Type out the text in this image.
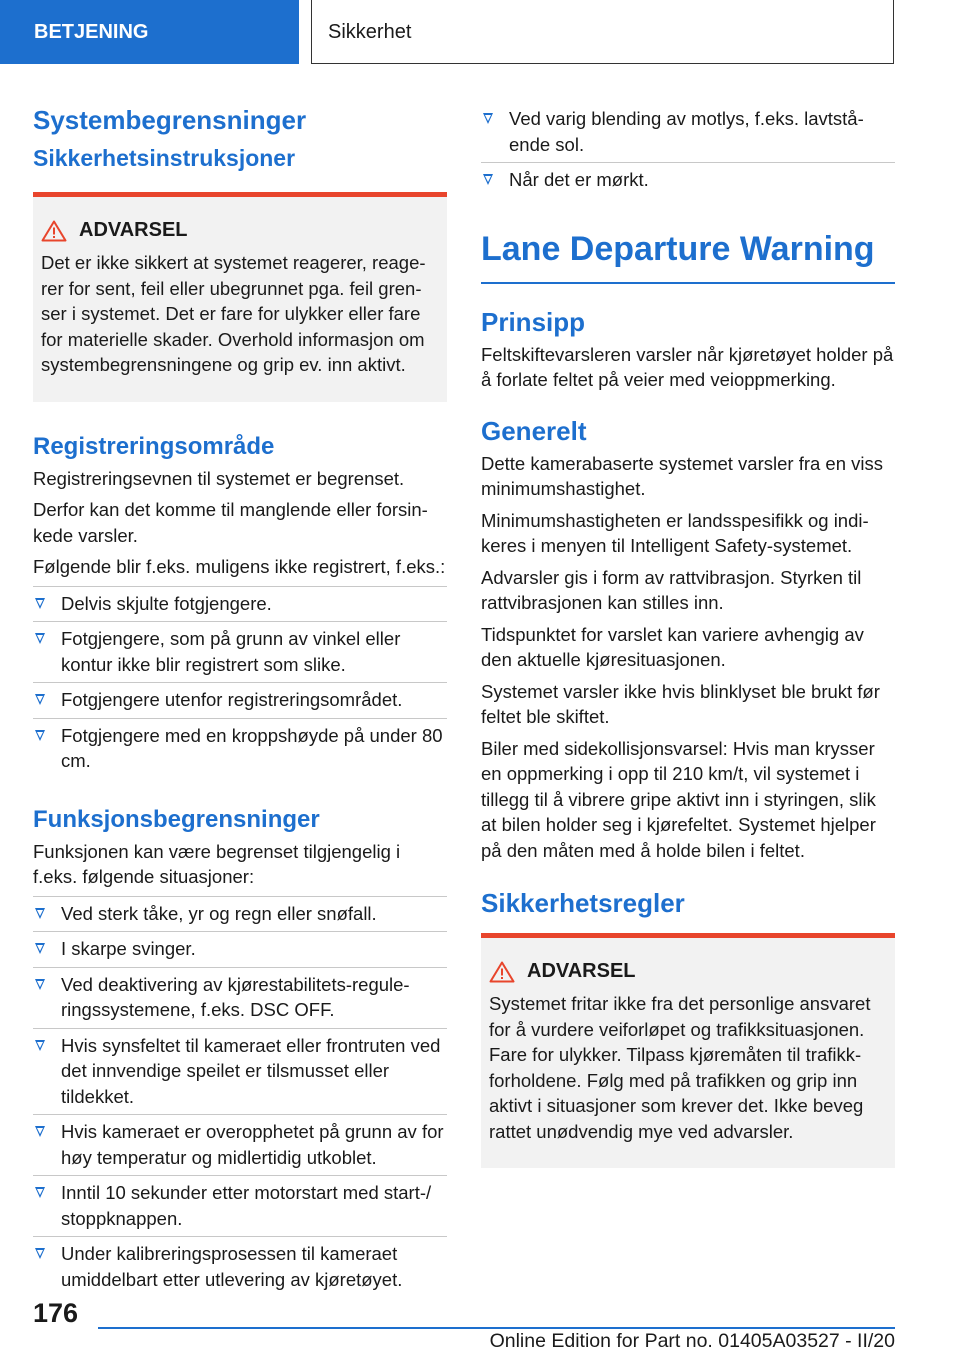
BETJENING	Sikkerhet
Systembegrensninger
Sikkerhetsinstruksjoner
ADVARSEL

Det er ikke sikkert at systemet reagerer, reagerer for sent, feil eller ubegrunnet pga. feil grenser i systemet. Det er fare for ulykker eller fare for materielle skader. Overhold informasjon om systembegrensningene og grip ev. inn aktivt.

Registreringsområde

Registreringsevnen til systemet er begrenset.

Derfor kan det komme til manglende eller forsinkede varsler.

Følgende blir f.eks. muligens ikke registrert, f.eks.:

Delvis skjulte fotgjengere.
Fotgjengere, som på grunn av vinkel eller kontur ikke blir registrert som slike.
Fotgjengere utenfor registreringsområdet.
Fotgjengere med en kroppshøyde på under 80 cm.
Funksjonsbegrensninger

Funksjonen kan være begrenset tilgjengelig i f.eks. følgende situasjoner:

Ved sterk tåke, yr og regn eller snøfall.
I skarpe svinger.
Ved deaktivering av kjørestabilitets-reguleringssystemene, f.eks. DSC OFF.
Hvis synsfeltet til kameraet eller frontruten ved det innvendige speilet er tilsmusset eller tildekket.
Hvis kameraet er overopphetet på grunn av for høy temperatur og midlertidig utkoblet.
Inntil 10 sekunder etter motorstart med start-/ stoppknappen.
Under kalibreringsprosessen til kameraet umiddelbart etter utlevering av kjøretøyet.
Ved varig blending av motlys, f.eks. lavtstående sol.
Når det er mørkt.
Lane Departure Warning
Prinsipp

Feltskiftevarsleren varsler når kjøretøyet holder på å forlate feltet på veier med veioppmerking.

Generelt

Dette kamerabaserte systemet varsler fra en viss minimumshastighet.

Minimumshastigheten er landsspesifikk og indikeres i menyen til Intelligent Safety-systemet.

Advarsler gis i form av rattvibrasjon. Styrken til rattvibrasjonen kan stilles inn.

Tidspunktet for varslet kan variere avhengig av den aktuelle kjøresituasjonen.

Systemet varsler ikke hvis blinklyset ble brukt før feltet ble skiftet.

Biler med sidekollisjonsvarsel: Hvis man krysser en oppmerking i opp til 210 km/t, vil systemet i tillegg til å vibrere gripe aktivt inn i styringen, slik at bilen holder seg i kjørefeltet. Systemet hjelper på den måten med å holde bilen i feltet.

Sikkerhetsregler
ADVARSEL

Systemet fritar ikke fra det personlige ansvaret for å vurdere veiforløpet og trafikksituasjonen. Fare for ulykker. Tilpass kjøremåten til trafikkforholdene. Følg med på trafikken og grip inn aktivt i situasjoner som krever det. Ikke beveg rattet unødvendig mye ved advarsler.

176
Online Edition for Part no. 01405A03527 - II/20
